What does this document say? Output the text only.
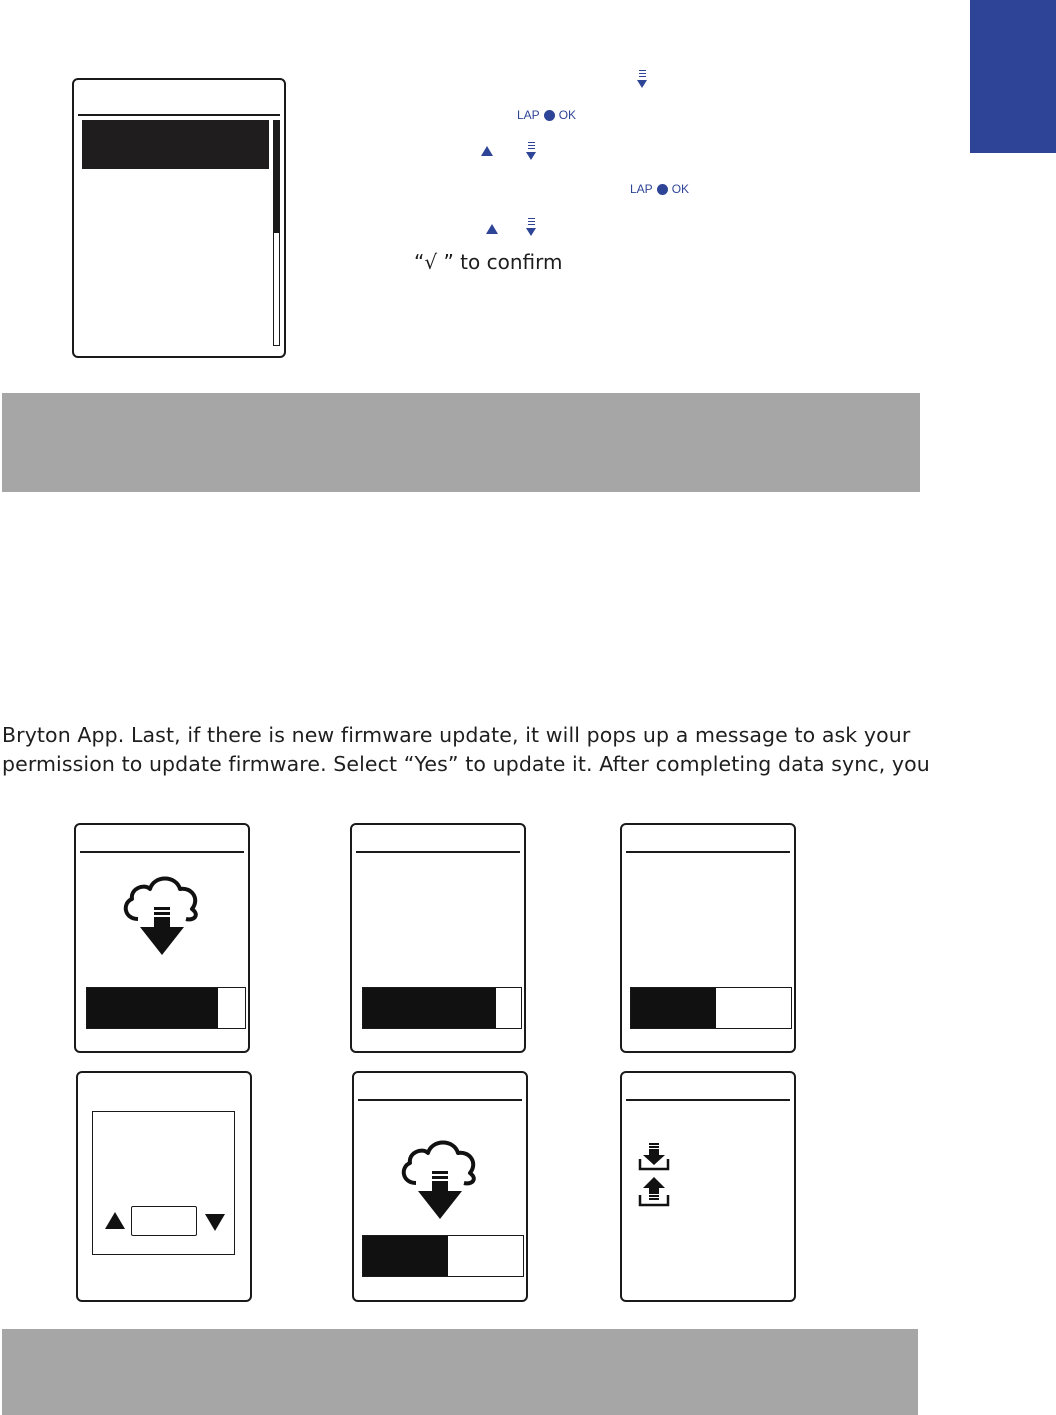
LAP OK
LAP OK
“√ ” to confirm
Bryton App. Last, if there is new firmware update, it will pops up a message to ask your
permission to update firmware. Select “Yes” to update it. After completing data sync, you
